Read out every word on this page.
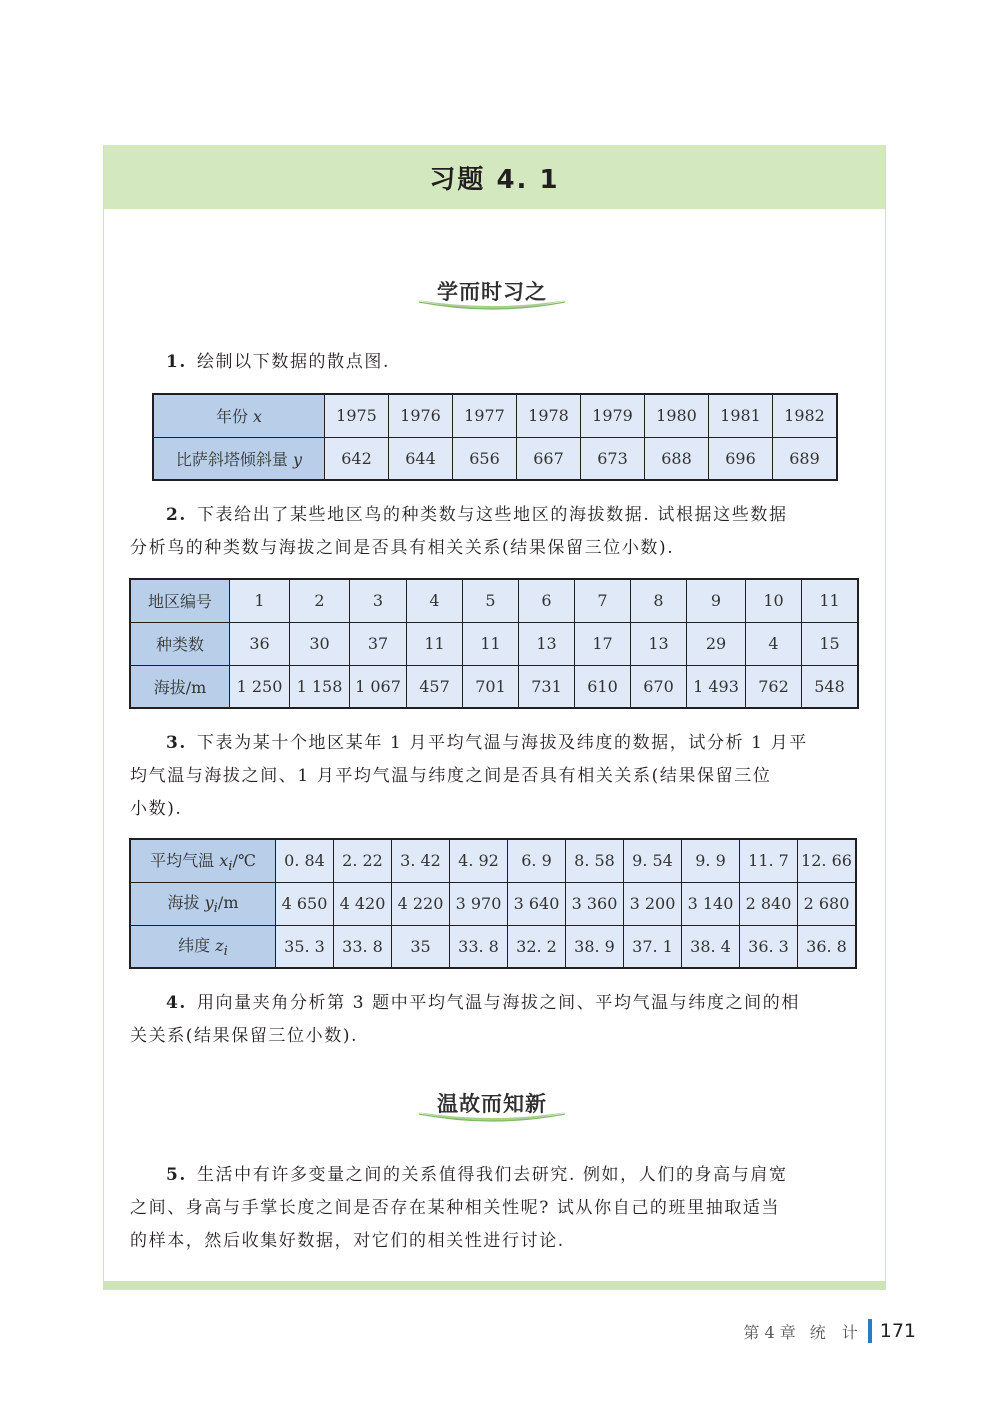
习题 4. 1
学而时习之
1. 绘制以下数据的散点图.
年份 x	1975	1976	1977	1978	1979	1980	1981	1982
比萨斜塔倾斜量 y	642	644	656	667	673	688	696	689
2. 下表给出了某些地区鸟的种类数与这些地区的海拔数据. 试根据这些数据
分析鸟的种类数与海拔之间是否具有相关关系(结果保留三位小数).
地区编号	1	2	3	4	5	6	7	8	9	10	11
种类数	36	30	37	11	11	13	17	13	29	4	15
海拔/m	1 250	1 158	1 067	457	701	731	610	670	1 493	762	548
3. 下表为某十个地区某年 1 月平均气温与海拔及纬度的数据，试分析 1 月平
均气温与海拔之间、1 月平均气温与纬度之间是否具有相关关系(结果保留三位
小数).
平均气温 $x_i/℃$	0. 84	2. 22	3. 42	4. 92	6. 9	8. 58	9. 54	9. 9	11. 7	12. 66
海拔 $y_i/m$	4 650	4 420	4 220	3 970	3 640	3 360	3 200	3 140	2 840	2 680
纬度 $z_i$	35. 3	33. 8	35	33. 8	32. 2	38. 9	37. 1	38. 4	36. 3	36. 8
4. 用向量夹角分析第 3 题中平均气温与海拔之间、平均气温与纬度之间的相
关关系(结果保留三位小数).
温故而知新
5. 生活中有许多变量之间的关系值得我们去研究. 例如，人们的身高与肩宽
之间、身高与手掌长度之间是否存在某种相关性呢? 试从你自己的班里抽取适当
的样本，然后收集好数据，对它们的相关性进行讨论.
第 4 章 统　计 171
